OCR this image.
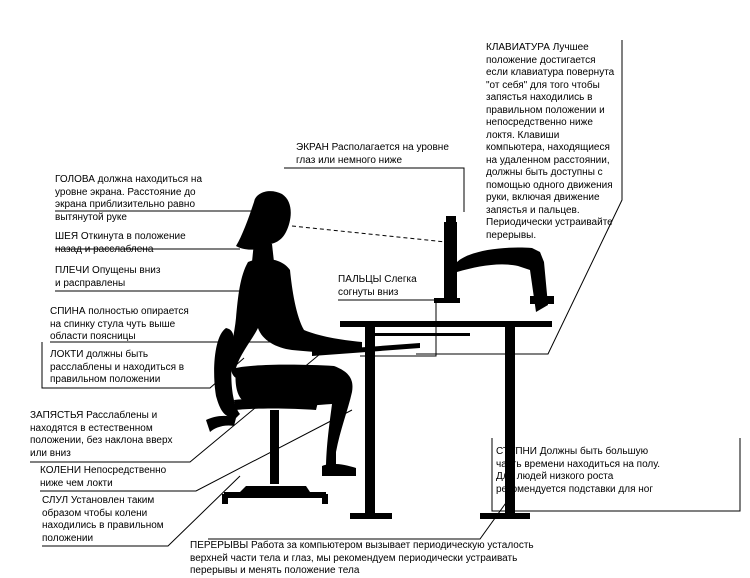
ГОЛОВА должна находиться на
уровне экрана. Расстояние до
экрана приблизительно равно
вытянутой руке
ШЕЯ Откинута в положение
назад и расслаблена
ПЛЕЧИ Опущены вниз
и расправлены
СПИНА полностью опирается
на спинку стула чуть выше
области поясницы
ЛОКТИ должны быть
расслаблены и находиться в
правильном положении
ЗАПЯСТЬЯ Расслаблены и
находятся в естественном
положении, без наклона вверх
или вниз
КОЛЕНИ Непосредственно
ниже чем локти
СЛУЛ Установлен таким
образом чтобы колени
находились в правильном
положении
ЭКРАН Располагается на уровне
глаз или немного ниже
ПАЛЬЦЫ Слегка
согнуты вниз
КЛАВИАТУРА Лучшее
положение достигается
если клавиатура повернута
"от себя" для того чтобы
запястья находились в
правильном положении и
непосредственно ниже
локтя. Клавиши
компьютера, находящиеся
на удаленном расстоянии,
должны быть доступны с
помощью одного движения
руки, включая движение
запястья и пальцев.
Периодически устраивайте
перерывы.
СТУПНИ Должны быть большую
часть времени находиться на полу.
Для людей низкого роста
рекомендуется подставки для ног
ПЕРЕРЫВЫ Работа за компьютером вызывает периодическую усталость
верхней части тела и глаз, мы рекомендуем периодически устраивать
перерывы и менять положение тела
